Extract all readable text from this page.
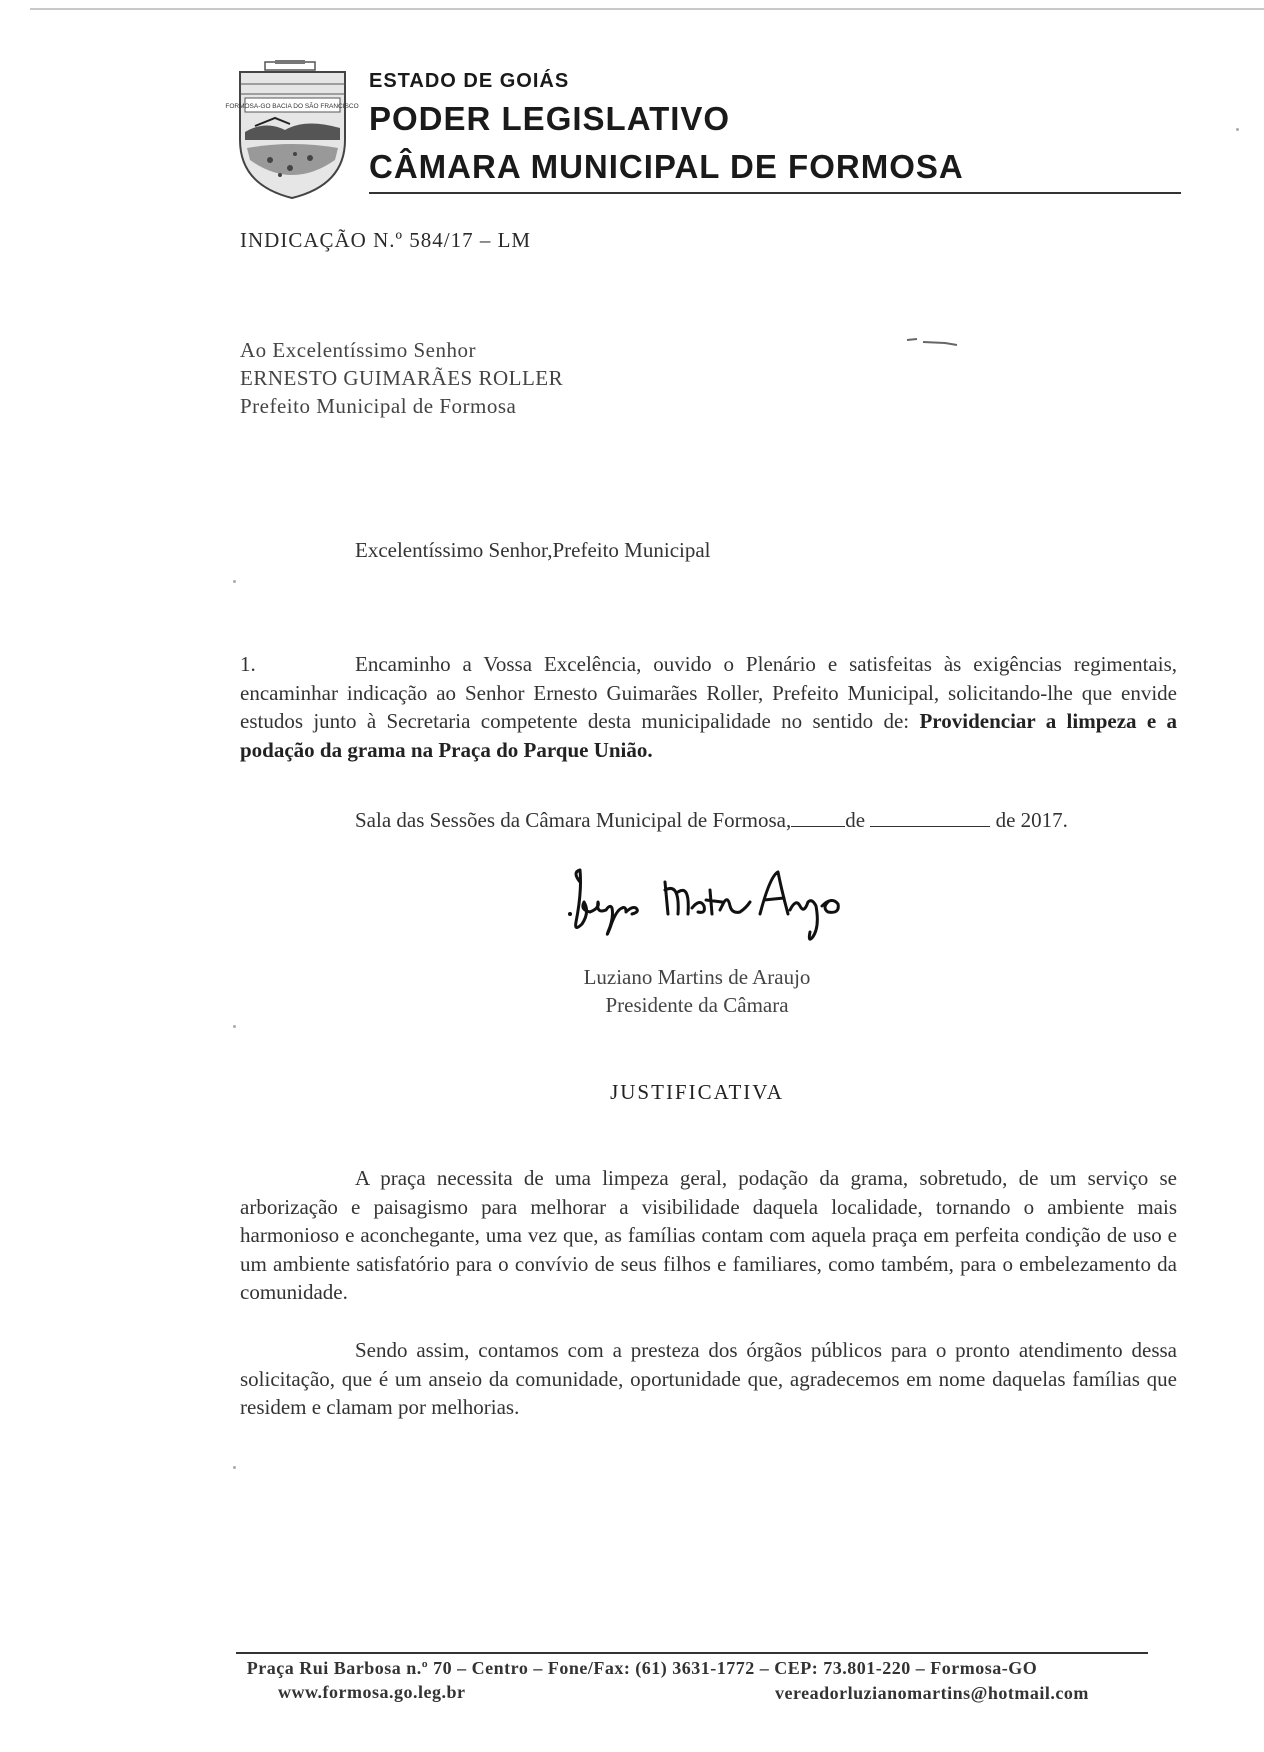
FORMOSA-GO BACIA DO SÃO FRANCISCO
ESTADO DE GOIÁS
PODER LEGISLATIVO
CÂMARA MUNICIPAL DE FORMOSA
INDICAÇÃO N.º 584/17 – LM
Ao Excelentíssimo Senhor
ERNESTO GUIMARÃES ROLLER
Prefeito Municipal de Formosa
Excelentíssimo Senhor,Prefeito Municipal
1.	Encaminho a Vossa Excelência, ouvido o Plenário e satisfeitas às exigências regimentais, encaminhar indicação ao Senhor Ernesto Guimarães Roller, Prefeito Municipal, solicitando-lhe que envide estudos junto à Secretaria competente desta municipalidade no sentido de: Providenciar a limpeza e a podação da grama na Praça do Parque União.
Sala das Sessões da Câmara Municipal de Formosa,	de	de 2017.
Luziano Martins de Araujo
Presidente da Câmara
JUSTIFICATIVA
A praça necessita de uma limpeza geral, podação da grama, sobretudo, de um serviço se arborização e paisagismo para melhorar a visibilidade daquela localidade, tornando o ambiente mais harmonioso e aconchegante, uma vez que, as famílias contam com aquela praça em perfeita condição de uso e um ambiente satisfatório para o convívio de seus filhos e familiares, como também, para o embelezamento da comunidade.
Sendo assim, contamos com a presteza dos órgãos públicos para o pronto atendimento dessa solicitação, que é um anseio da comunidade, oportunidade que, agradecemos em nome daquelas famílias que residem e clamam por melhorias.
Praça Rui Barbosa n.º 70 – Centro – Fone/Fax: (61) 3631-1772 – CEP: 73.801-220 – Formosa-GO
www.formosa.go.leg.br	vereadorluzianomartins@hotmail.com
